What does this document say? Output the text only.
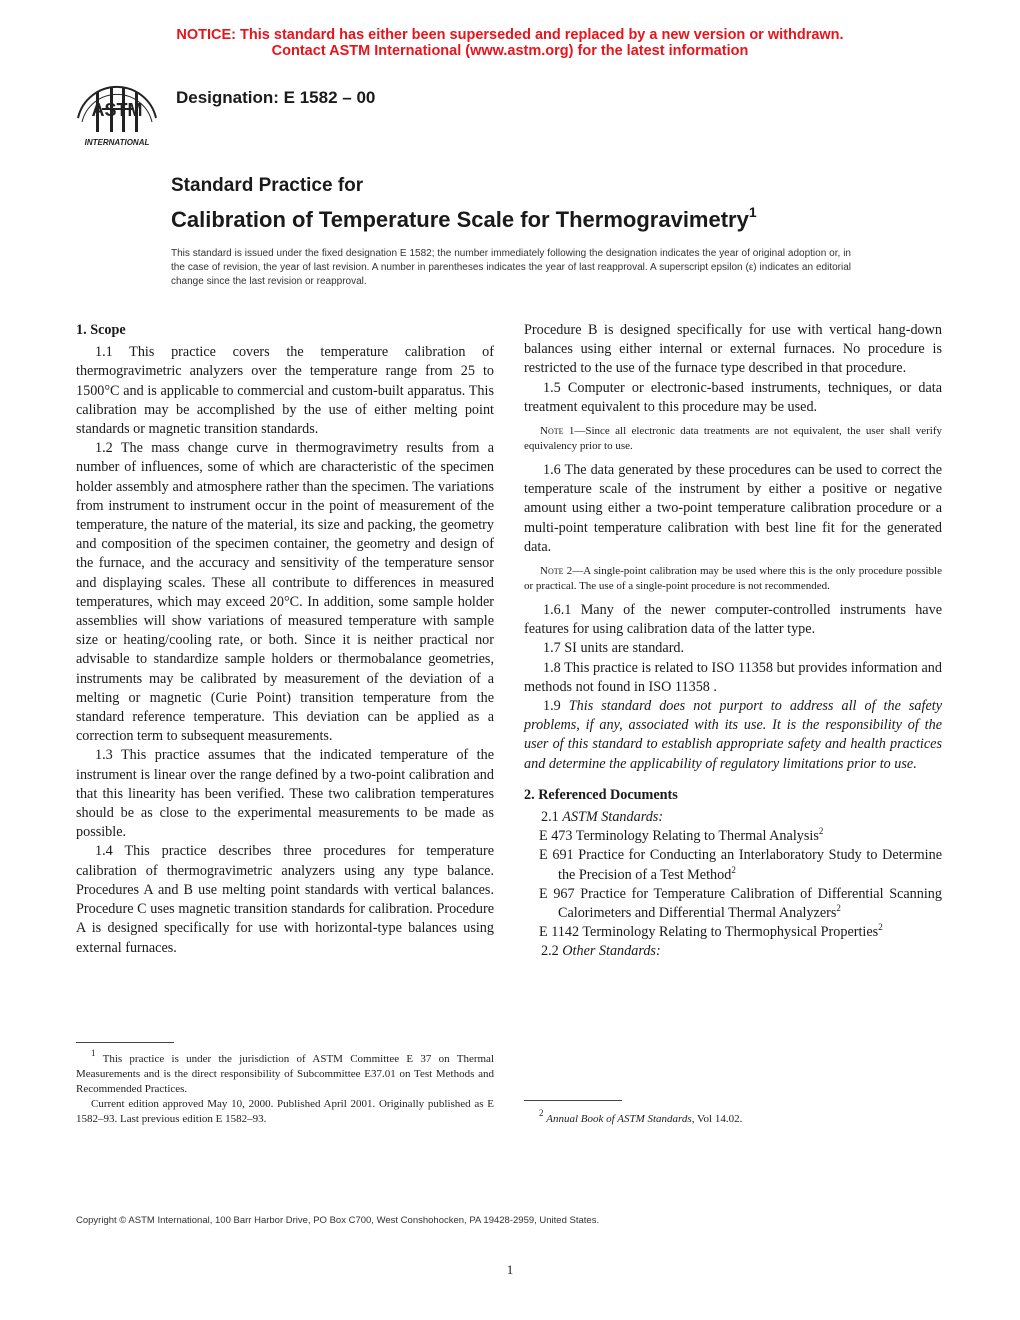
NOTICE: This standard has either been superseded and replaced by a new version or withdrawn.
Contact ASTM International (www.astm.org) for the latest information
ASTM
INTERNATIONAL
Designation: E 1582 – 00
Standard Practice for
Calibration of Temperature Scale for Thermogravimetry$^1$
This standard is issued under the fixed designation E 1582; the number immediately following the designation indicates the year of original adoption or, in the case of revision, the year of last revision. A number in parentheses indicates the year of last reapproval. A superscript epsilon (ε) indicates an editorial change since the last revision or reapproval.
1. Scope

1.1 This practice covers the temperature calibration of thermogravimetric analyzers over the temperature range from 25 to 1500°C and is applicable to commercial and custom-built apparatus. This calibration may be accomplished by the use of either melting point standards or magnetic transition standards.

1.2 The mass change curve in thermogravimetry results from a number of influences, some of which are characteristic of the specimen holder assembly and atmosphere rather than the specimen. The variations from instrument to instrument occur in the point of measurement of the temperature, the nature of the material, its size and packing, the geometry and composition of the specimen container, the geometry and design of the furnace, and the accuracy and sensitivity of the temperature sensor and displaying scales. These all contribute to differences in measured temperatures, which may exceed 20°C. In addition, some sample holder assemblies will show variations of measured temperature with sample size or heating/cooling rate, or both. Since it is neither practical nor advisable to standardize sample holders or thermobalance geometries, instruments may be calibrated by measurement of the deviation of a melting or magnetic (Curie Point) transition temperature from the standard reference temperature. This deviation can be applied as a correction term to subsequent measurements.

1.3 This practice assumes that the indicated temperature of the instrument is linear over the range defined by a two-point calibration and that this linearity has been verified. These two calibration temperatures should be as close to the experimental measurements to be made as possible.

1.4 This practice describes three procedures for temperature calibration of thermogravimetric analyzers using any type balance. Procedures A and B use melting point standards with vertical balances. Procedure C uses magnetic transition standards for calibration. Procedure A is designed specifically for use with horizontal-type balances using external furnaces.

Procedure B is designed specifically for use with vertical hang-down balances using either internal or external furnaces. No procedure is restricted to the use of the furnace type described in that procedure.

1.5 Computer or electronic-based instruments, techniques, or data treatment equivalent to this procedure may be used.

Note 1—Since all electronic data treatments are not equivalent, the user shall verify equivalency prior to use.

1.6 The data generated by these procedures can be used to correct the temperature scale of the instrument by either a positive or negative amount using either a two-point temperature calibration procedure or a multi-point temperature calibration with best line fit for the generated data.

Note 2—A single-point calibration may be used where this is the only procedure possible or practical. The use of a single-point procedure is not recommended.

1.6.1 Many of the newer computer-controlled instruments have features for using calibration data of the latter type.

1.7 SI units are standard.

1.8 This practice is related to ISO 11358 but provides information and methods not found in ISO 11358 .

1.9 This standard does not purport to address all of the safety problems, if any, associated with its use. It is the responsibility of the user of this standard to establish appropriate safety and health practices and determine the applicability of regulatory limitations prior to use.

2. Referenced Documents

2.1 ASTM Standards:

E 473 Terminology Relating to Thermal Analysis$^2$

E 691 Practice for Conducting an Interlaboratory Study to Determine the Precision of a Test Method$^2$

E 967 Practice for Temperature Calibration of Differential Scanning Calorimeters and Differential Thermal Analyzers$^2$

E 1142 Terminology Relating to Thermophysical Properties$^2$

2.2 Other Standards:

$^1$ This practice is under the jurisdiction of ASTM Committee E 37 on Thermal Measurements and is the direct responsibility of Subcommittee E37.01 on Test Methods and Recommended Practices.

Current edition approved May 10, 2000. Published April 2001. Originally published as E 1582–93. Last previous edition E 1582–93.	$^2$ Annual Book of ASTM Standards, Vol 14.02.

Copyright © ASTM International, 100 Barr Harbor Drive, PO Box C700, West Conshohocken, PA 19428-2959, United States.
1
